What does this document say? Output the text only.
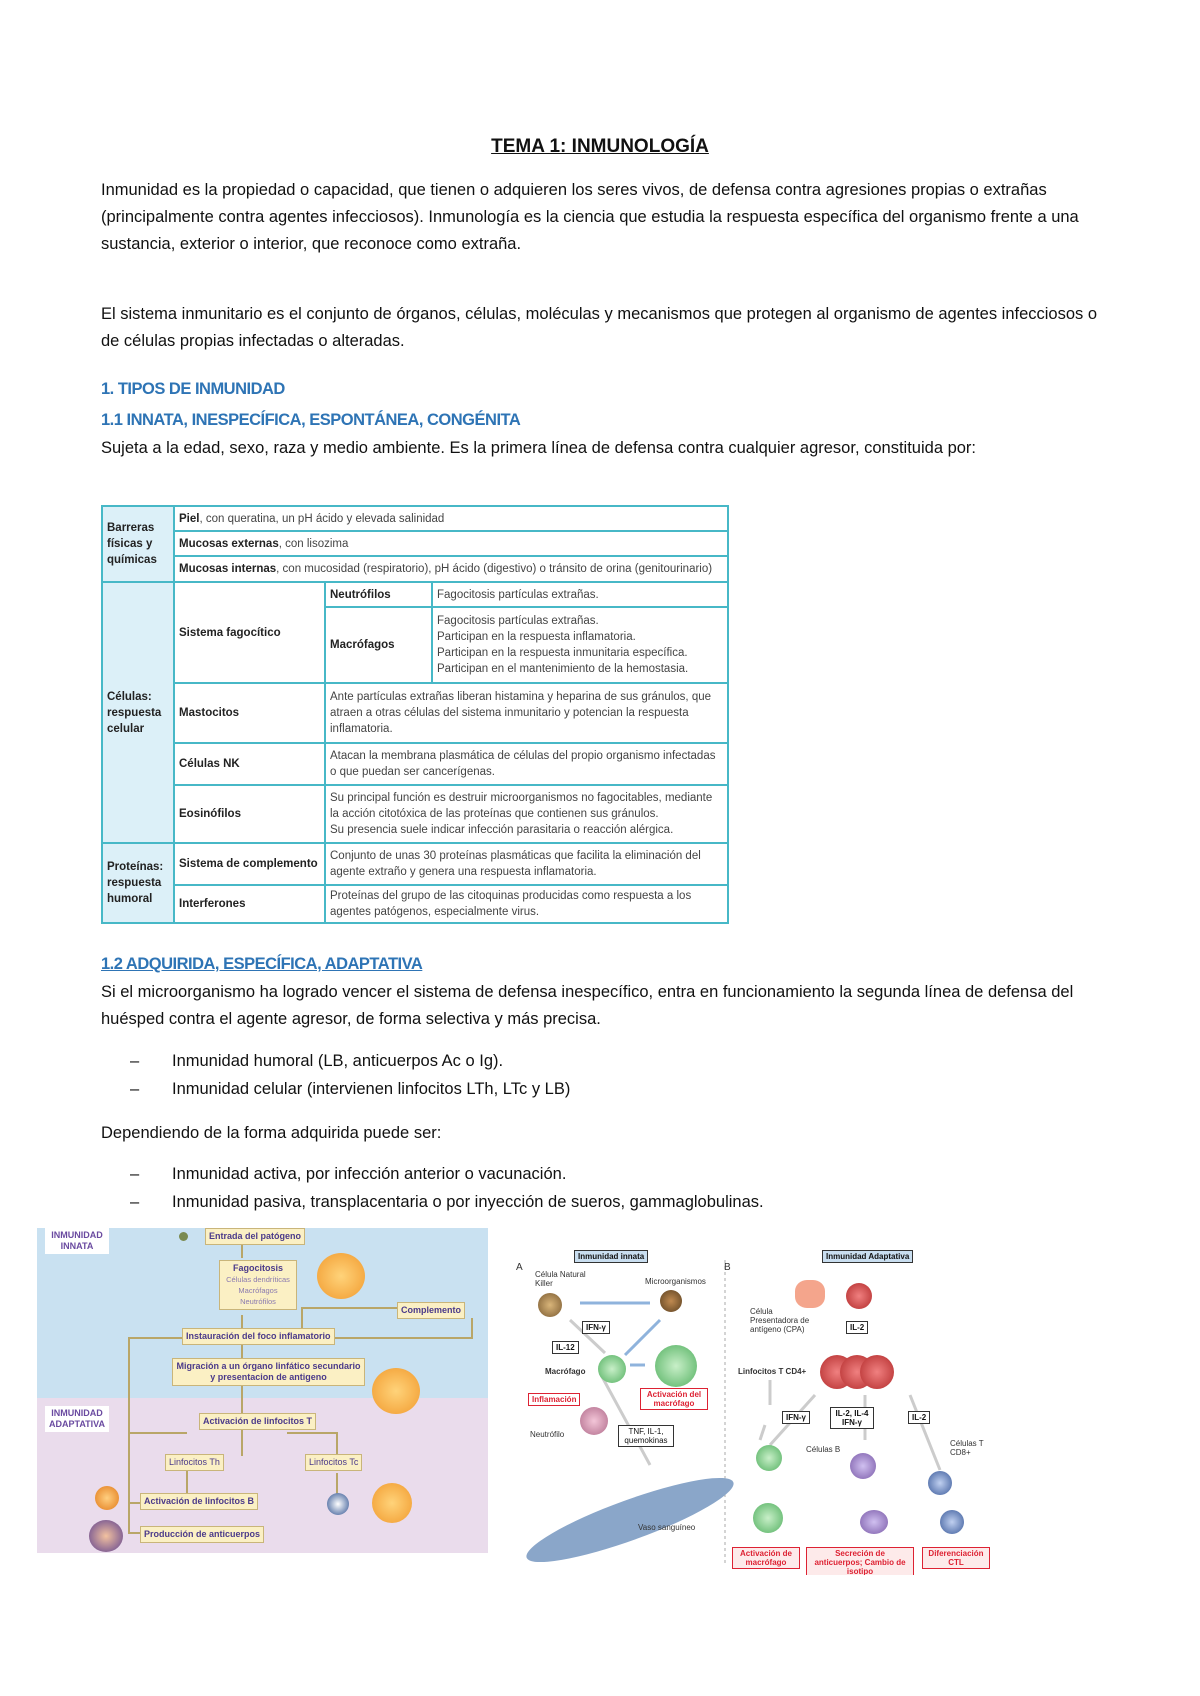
TEMA 1: INMUNOLOGÍA
Inmunidad es la propiedad o capacidad, que tienen o adquieren los seres vivos, de defensa contra agresiones propias o extrañas (principalmente contra agentes infecciosos). Inmunología es la ciencia que estudia la respuesta específica del organismo frente a una sustancia, exterior o interior, que reconoce como extraña.
El sistema inmunitario es el conjunto de órganos, células, moléculas y mecanismos que protegen al organismo de agentes infecciosos o de células propias infectadas o alteradas.
1. TIPOS DE INMUNIDAD
1.1 INNATA, INESPECÍFICA, ESPONTÁNEA, CONGÉNITA
Sujeta a la edad, sexo, raza y medio ambiente. Es la primera línea de defensa contra cualquier agresor, constituida por:
Barreras físicas y químicas	Piel, con queratina, un pH ácido y elevada salinidad		
	Mucosas externas, con lisozima		
	Mucosas internas, con mucosidad (respiratorio), pH ácido (digestivo) o tránsito de orina (genitourinario)		
Células: respuesta celular	Sistema fagocítico	Neutrófilos	Fagocitosis partículas extrañas.
		Macrófagos	Fagocitosis partículas extrañas.
Participan en la respuesta inflamatoria.
Participan en la respuesta inmunitaria específica.
Participan en el mantenimiento de la hemostasia.

	Mastocitos	Ante partículas extrañas liberan histamina y heparina de sus gránulos, que atraen a otras células del sistema inmunitario y potencian la respuesta inflamatoria.	
	Células NK	Atacan la membrana plasmática de células del propio organismo infectadas o que puedan ser cancerígenas.	
	Eosinófilos	Su principal función es destruir microorganismos no fagocitables, mediante la acción citotóxica de las proteínas que contienen sus gránulos.
Su presencia suele indicar infección parasitaria o reacción alérgica.	

Proteínas: respuesta humoral	Sistema de complemento	Conjunto de unas 30 proteínas plasmáticas que facilita la eliminación del agente extraño y genera una respuesta inflamatoria.	
	Interferones	Proteínas del grupo de las citoquinas producidas como respuesta a los agentes patógenos, especialmente virus.	
1.2 ADQUIRIDA, ESPECÍFICA, ADAPTATIVA
Si el microorganismo ha logrado vencer el sistema de defensa inespecífico, entra en funcionamiento la segunda línea de defensa del huésped contra el agente agresor, de forma selectiva y más precisa.
– Inmunidad humoral (LB, anticuerpos Ac o Ig).
– Inmunidad celular (intervienen linfocitos LTh, LTc y LB)
Dependiendo de la forma adquirida puede ser:
– Inmunidad activa, por infección anterior o vacunación.
– Inmunidad pasiva, transplacentaria o por inyección de sueros, gammaglobulinas.
INMUNIDAD INNATA
INMUNIDAD ADAPTATIVA
Entrada del patógeno
Fagocitosis
Células dendríticas Macrófagos Neutrófilos
Complemento
Instauración del foco inflamatorio
Migración a un órgano linfático secundario y presentacion de antigeno
Activación de linfocitos T
Linfocitos Th	Linfocitos Tc
Activación de linfocitos B
Producción de anticuerpos
Inmunidad innata	Inmunidad Adaptativa
A	B
Célula Natural Killer	Microorganismos
IFN-γ
IL-12
Macrófago
Inflamación
Activación del macrófago
Neutrófilo	TNF, IL-1, quemokinas
Vaso sanguíneo
Célula Presentadora de antígeno (CPA)	IL-2
Linfocitos T CD4+
IFN-γ	IL-2, IL-4 IFN-γ
IL-2
Células B
Células T CD8+
Activación de macrófago
Secreción de anticuerpos; Cambio de isotipo
Diferenciación CTL
